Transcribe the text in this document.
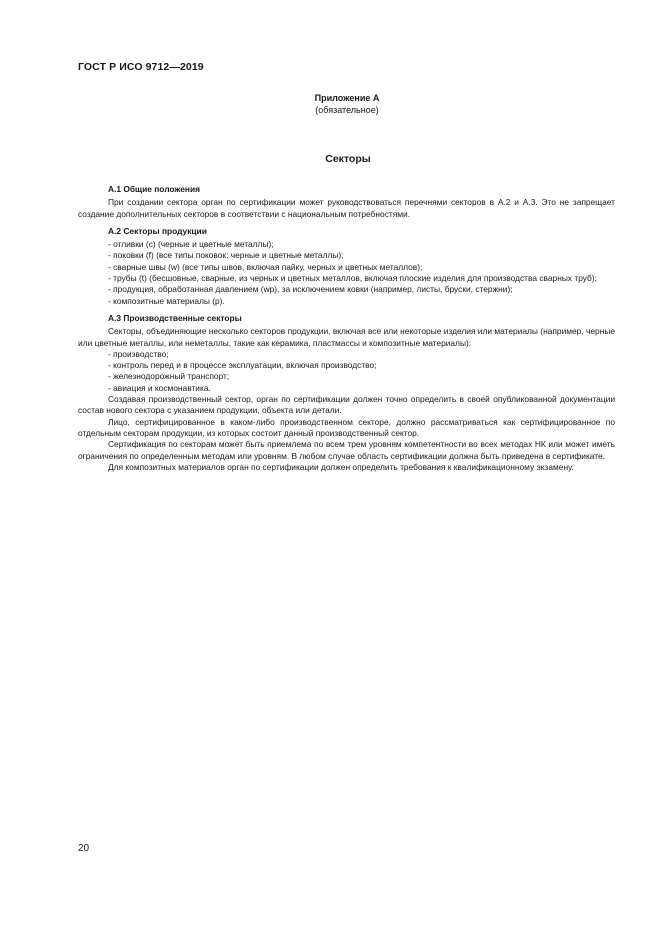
ГОСТ Р ИСО 9712—2019
Приложение А
(обязательное)
Секторы

А.1 Общие положения

При создании сектора орган по сертификации может руководствоваться перечнями секторов в А.2 и А.3. Это не запрещает создание дополнительных секторов в соответствии с национальным потребностями.

А.2 Секторы продукции

- отливки (с) (черные и цветные металлы);

- поковки (f) (все типы поковок: черные и цветные металлы);

- сварные швы (w) (все типы швов, включая пайку, черных и цветных металлов);

- трубы (t) (бесшовные, сварные, из черных и цветных металлов, включая плоские изделия для производства сварных труб);

- продукция, обработанная давлением (wp), за исключением ковки (например, листы, бруски, стержни);

- композитные материалы (р).

А.3 Производственные секторы

Секторы, объединяющие несколько секторов продукции, включая все или некоторые изделия или материалы (например, черные или цветные металлы, или неметаллы, такие как керамика, пластмассы и композитные материалы):

- производство;

- контроль перед и в процессе эксплуатации, включая производство;

- железнодорожный транспорт;

- авиация и космонавтика.

Создавая производственный сектор, орган по сертификации должен точно определить в своей опубликованной документации состав нового сектора с указанием продукции, объекта или детали.

Лицо, сертифицированное в каком-либо производственном секторе, должно рассматриваться как сертифицированное по отдельным секторам продукции, из которых состоит данный производственный сектор.

Сертификация по секторам может быть приемлема по всем трем уровням компетентности во всех методах НК или может иметь ограничения по определенным методам или уровням. В любом случае область сертификации должна быть приведена в сертификате.

Для композитных материалов орган по сертификации должен определить требования к квалификационному экзамену.

20
